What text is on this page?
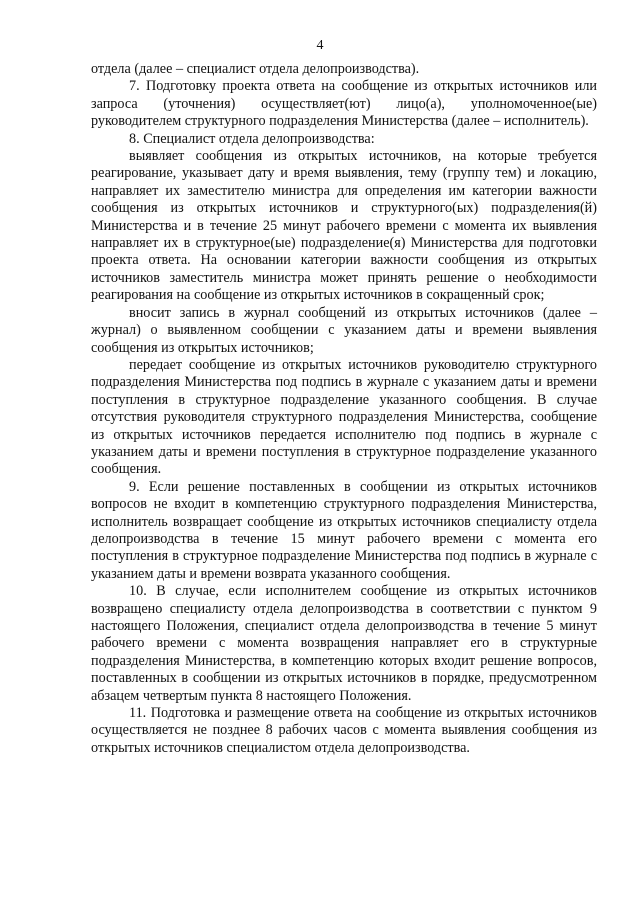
4

отдела (далее – специалист отдела делопроизводства).

7. Подготовку проекта ответа на сообщение из открытых источников или запроса (уточнения) осуществляет(ют) лицо(а), уполномоченное(ые) руководителем структурного подразделения Министерства (далее – исполнитель).

8. Специалист отдела делопроизводства:

выявляет сообщения из открытых источников, на которые требуется реагирование, указывает дату и время выявления, тему (группу тем) и локацию, направляет их заместителю министра для определения им категории важности сообщения из открытых источников и структурного(ых) подразделения(й) Министерства и в течение 25 минут рабочего времени с момента их выявления направляет их в структурное(ые) подразделение(я) Министерства для подготовки проекта ответа. На основании категории важности сообщения из открытых источников заместитель министра может принять решение о необходимости реагирования на сообщение из открытых источников в сокращенный срок;

вносит запись в журнал сообщений из открытых источников (далее – журнал) о выявленном сообщении с указанием даты и времени выявления сообщения из открытых источников;

передает сообщение из открытых источников руководителю структурного подразделения Министерства под подпись в журнале с указанием даты и времени поступления в структурное подразделение указанного сообщения. В случае отсутствия руководителя структурного подразделения Министерства, сообщение из открытых источников передается исполнителю под подпись в журнале с указанием даты и времени поступления в структурное подразделение указанного сообщения.

9. Если решение поставленных в сообщении из открытых источников вопросов не входит в компетенцию структурного подразделения Министерства, исполнитель возвращает сообщение из открытых источников специалисту отдела делопроизводства в течение 15 минут рабочего времени с момента его поступления в структурное подразделение Министерства под подпись в журнале с указанием даты и времени возврата указанного сообщения.

10. В случае, если исполнителем сообщение из открытых источников возвращено специалисту отдела делопроизводства в соответствии с пунктом 9 настоящего Положения, специалист отдела делопроизводства в течение 5 минут рабочего времени с момента возвращения направляет его в структурные подразделения Министерства, в компетенцию которых входит решение вопросов, поставленных в сообщении из открытых источников в порядке, предусмотренном абзацем четвертым пункта 8 настоящего Положения.

11. Подготовка и размещение ответа на сообщение из открытых источников осуществляется не позднее 8 рабочих часов с момента выявления сообщения из открытых источников специалистом отдела делопроизводства.
